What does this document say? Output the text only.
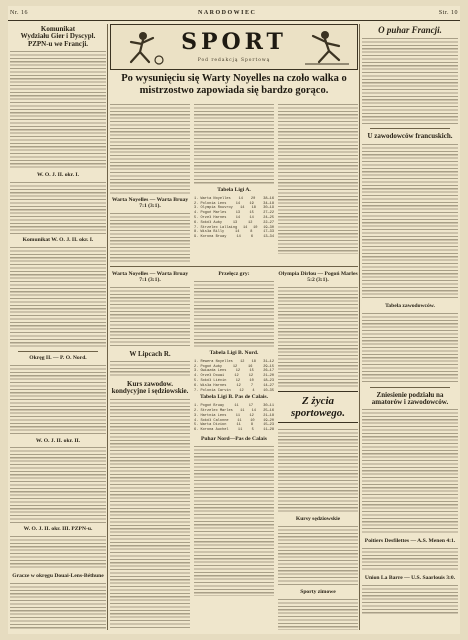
Nr. 16	NARODOWIEC	Str. 10
Komunikat
Wydziału Gier i Dyscypl.
PZPN-u we Francji.
W. O. J. II. okr. I.
Komunikat W. O. J. II. okr. I.
Okręg II. — P. O. Nord.
W. O. J. II. okr. II.
W. O. J. II. okr. III. PZPN-u.
Gracze w okręgu Douai-Lens-Béthune
SPORT
Pod redakcją Sportową
Po wysunięciu się Warty Noyelles na czoło walka o mistrzostwo zapowiada się bardzo gorąco.
Warta Noyelles — Warta Bruay 7:1 (3:1).
Tabela Ligi A.
1. Warta Noyelles 14 20 38—16
2. Polonia Lens	14	19	34—18
3. Olympia Rouvroy 14 18 30—19
4. Pogoń Marles	13	15	27—22
5. Orzeł Harnes	14	14	24—25
6. Sokół Auby	13	12	22—27
7. Strzelec Lallaing 14 10 19—30
8. Wisła Billy	14	8	17—33
9. Korona Bruay	14	6	13—34
Warta Noyelles — Warta Bruay 7:1 (3:1).
W Lipcach R.
Kurs zawodow. kondycyjne i sędziowskie.
Przełęcz gry:
Tabela Ligi B. Nord.
1. Rewera Noyelles 12 18 31—12
2. Pogoń Auby	12	16	29—15
3. Gwiazda Lens	12	15	26—17
4. Orzeł Douai	12	12	21—20
5. Sokół Liévin	12	10	18—23
6. Wisła Harnes	12	7	14—27
7. Polonia Carvin 12 4 10—35
Tabela Ligi B. Pas de Calais.
1. Pogoń Bruay	11	17	30—11
2. Strzelec Marles 11 14 25—16
3. Hartnia Lens	11	12	21—18
4. Sokół Calonne 11 10 19—20
5. Warta Divion	11	8	15—23
6. Korona Auchel	11	5	11—28
Puhar Nord—Pas de Calais
Olympia Dirlou — Pogoń Marles 5:2 (3:1).
Z życia sportowego.
Kursy sędziowskie
Sporty zimowe
O puhar Francji.
U zawodowców francuskich.
Tabela zawodowców.
Zniesienie podziału na amatorów i zawodowców.
Poitiers Desfilettes — A.S. Menen 4:1.
Union La Barre — U.S. Saarlouis 3:0.
